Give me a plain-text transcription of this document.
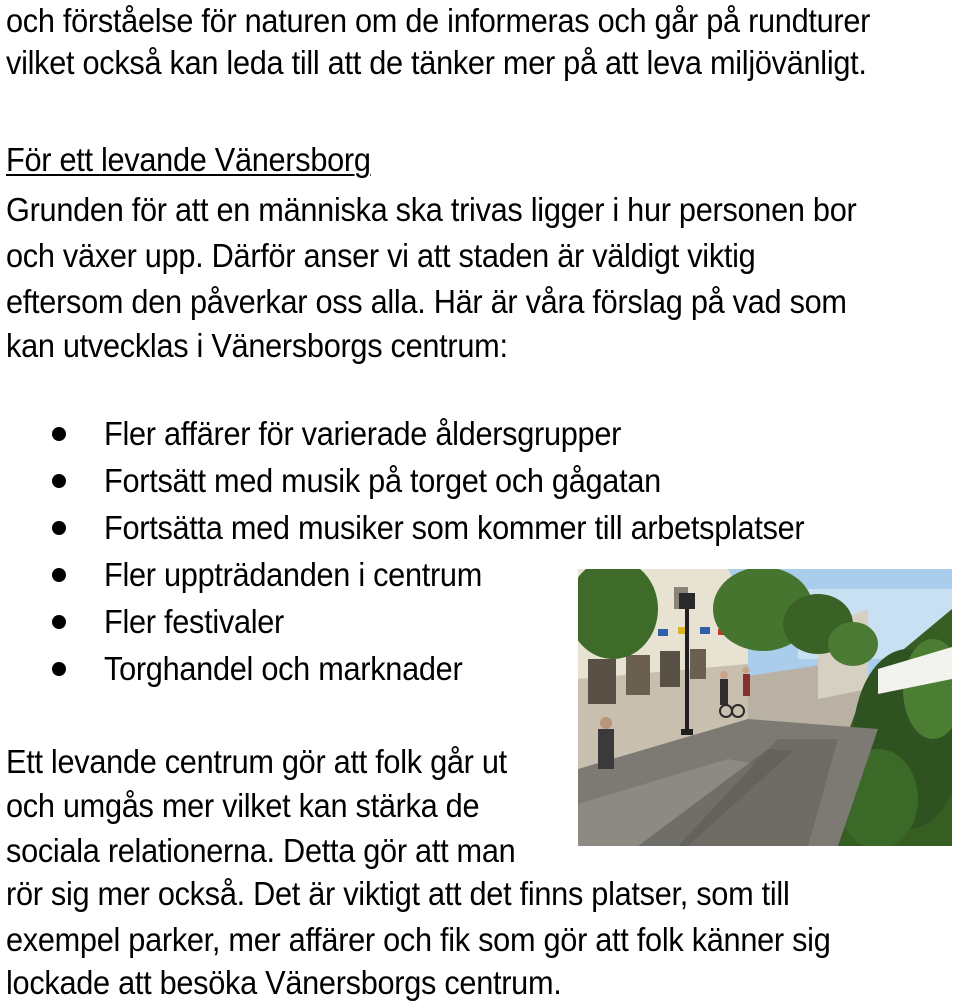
och förståelse för naturen om de informeras och går på rundturer
vilket också kan leda till att de tänker mer på att leva miljövänligt.
För ett levande Vänersborg
Grunden för att en människa ska trivas ligger i hur personen bor
och växer upp. Därför anser vi att staden är väldigt viktig
eftersom den påverkar oss alla. Här är våra förslag på vad som
kan utvecklas i Vänersborgs centrum:
Fler affärer för varierade åldersgrupper
Fortsätt med musik på torget och gågatan
Fortsätta med musiker som kommer till arbetsplatser
Fler uppträdanden i centrum
Fler festivaler
Torghandel och marknader
Ett levande centrum gör att folk går ut
och umgås mer vilket kan stärka de
sociala relationerna. Detta gör att man
rör sig mer också. Det är viktigt att det finns platser, som till
exempel parker, mer affärer och fik som gör att folk känner sig
lockade att besöka Vänersborgs centrum.
